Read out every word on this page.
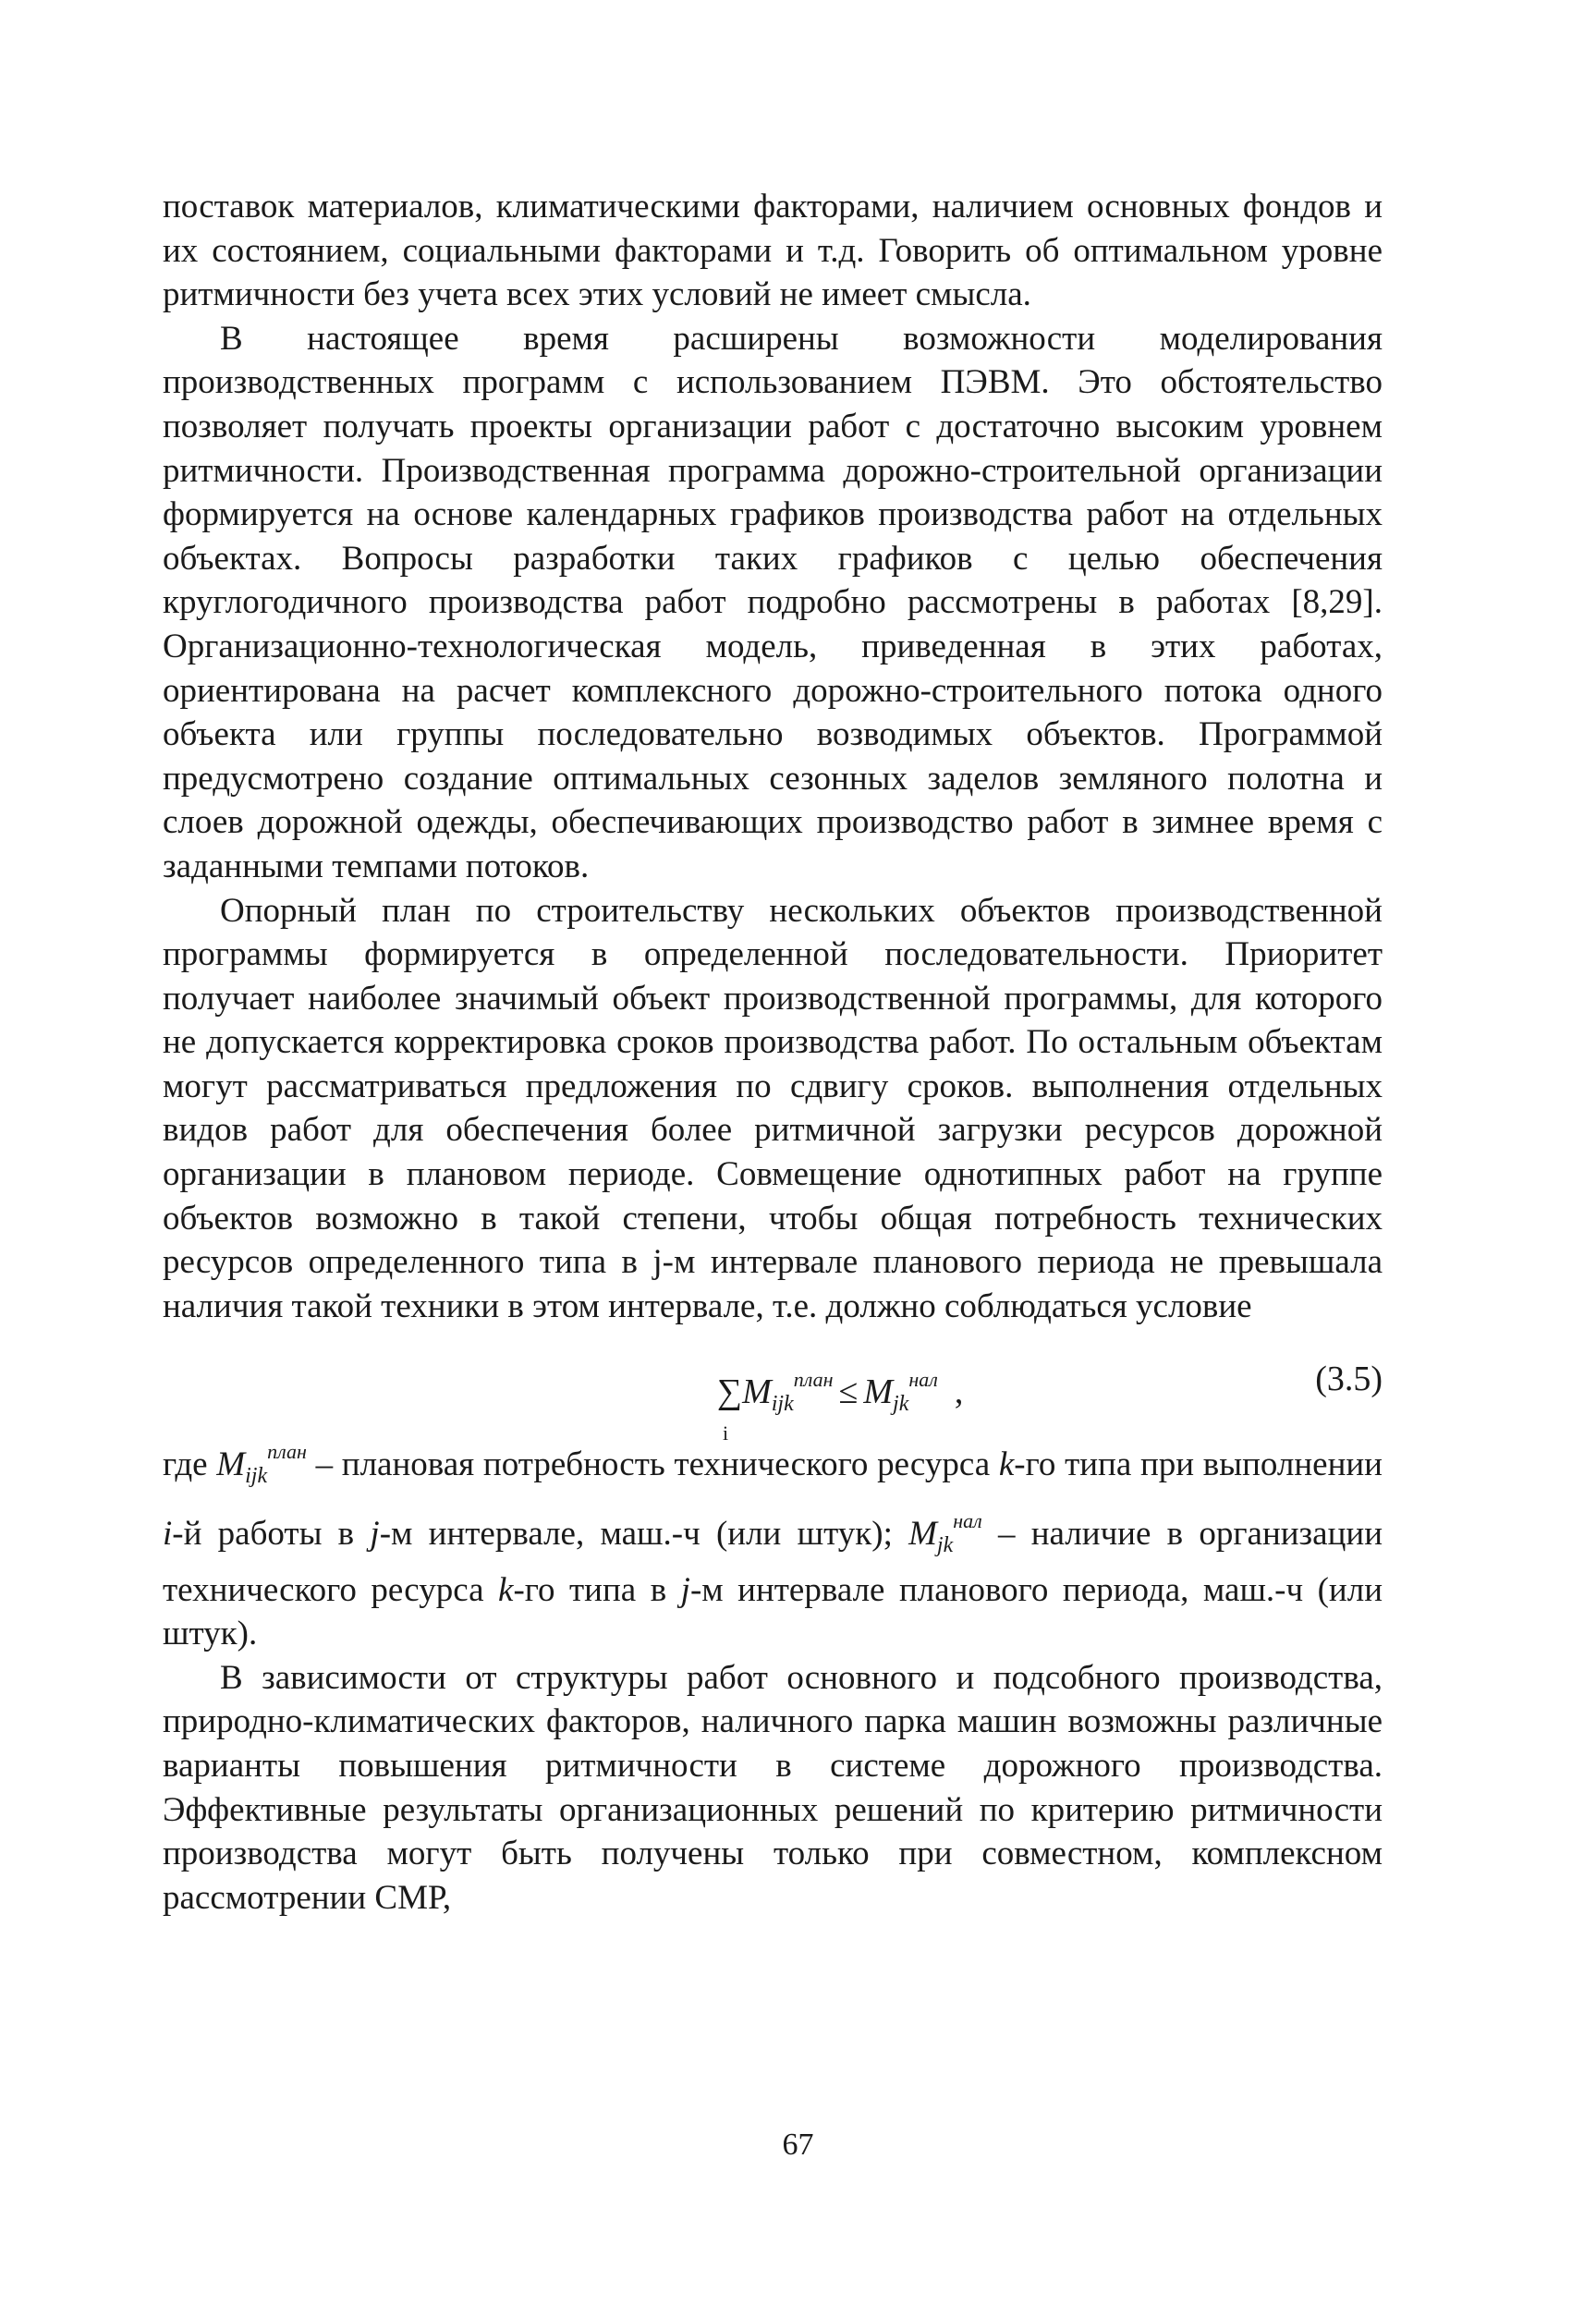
поставок материалов, климатическими факторами, наличием основных фондов и их состоянием, социальными факторами и т.д. Говорить об оптимальном уровне ритмичности без учета всех этих условий не имеет смысла.

В настоящее время расширены возможности моделирования производственных программ с использованием ПЭВМ. Это обстоятельство позволяет получать проекты организации работ с достаточно высоким уровнем ритмичности. Производственная программа дорожно-строительной организации формируется на основе календарных графиков производства работ на отдельных объектах. Вопросы разработки таких графиков с целью обеспечения круглогодичного производства работ подробно рассмотрены в работах [8,29]. Организационно-технологическая модель, приведенная в этих работах, ориентирована на расчет комплексного дорожно-строительного потока одного объекта или группы последовательно возводимых объектов. Программой предусмотрено создание оптимальных сезонных заделов земляного полотна и слоев дорожной одежды, обеспечивающих производство работ в зимнее время с заданными темпами потоков.

Опорный план по строительству нескольких объектов производственной программы формируется в определенной последовательности. Приоритет получает наиболее значимый объект производственной программы, для которого не допускается корректировка сроков производства работ. По остальным объектам могут рассматриваться предложения по сдвигу сроков. выполнения отдельных видов работ для обеспечения более ритмичной загрузки ресурсов дорожной организации в плановом периоде. Совмещение однотипных работ на группе объектов возможно в такой степени, чтобы общая потребность технических ресурсов определенного типа в j-м интервале планового периода не превышала наличия такой техники в этом интервале, т.е. должно соблюдаться условие

∑
i
$M_{ijk}^{план} \le M_{jk}^{нал}$ ,	(3.5)

где $M_{ijk}^{план}$ – плановая потребность технического ресурса k-го типа при выполнении i-й работы в j-м интервале, маш.-ч (или штук); $M_{jk}^{нал}$ – наличие в организации технического ресурса k-го типа в j-м интервале планового периода, маш.-ч (или штук).

В зависимости от структуры работ основного и подсобного производства, природно-климатических факторов, наличного парка машин возможны различные варианты повышения ритмичности в системе дорожного производства. Эффективные результаты организационных решений по критерию ритмичности производства могут быть получены только при совместном, комплексном рассмотрении СМР,

67
